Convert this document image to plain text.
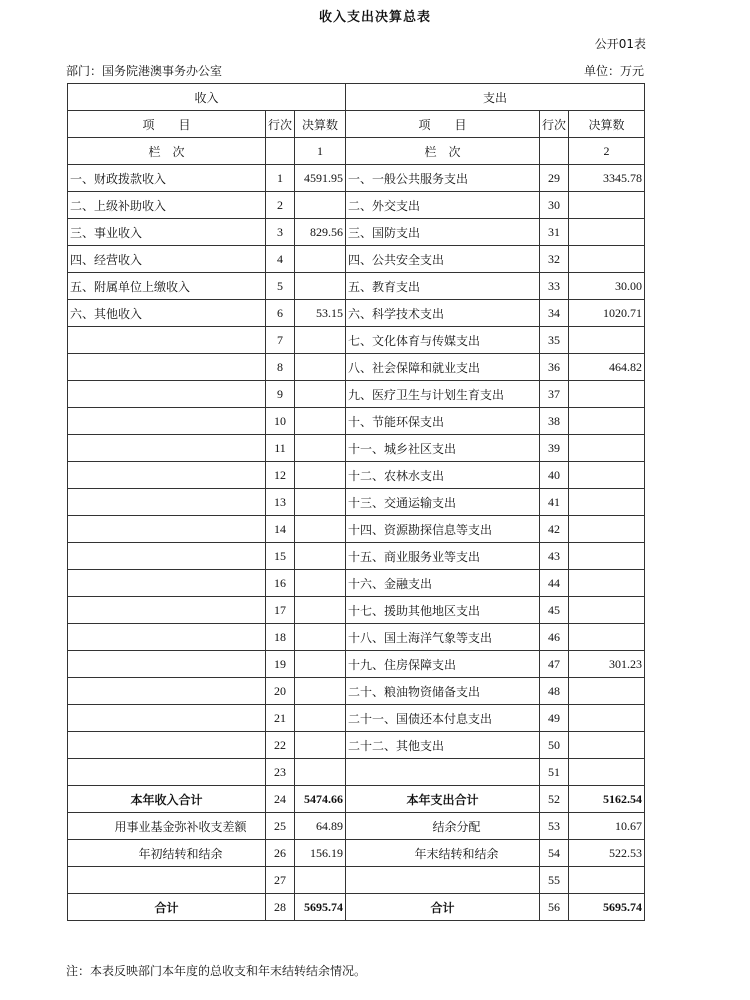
收入支出决算总表
公开01表
部门：国务院港澳事务办公室	单位：万元
收入			支出		
项　　目	行次	决算数	项　　目	行次	决算数
栏　次		1	栏　次		2
一、财政拨款收入	1	4591.95	一、一般公共服务支出	29	3345.78
二、上级补助收入	2		二、外交支出	30	
三、事业收入	3	829.56	三、国防支出	31	
四、经营收入	4		四、公共安全支出	32	
五、附属单位上缴收入	5		五、教育支出	33	30.00
六、其他收入	6	53.15	六、科学技术支出	34	1020.71
	7		七、文化体育与传媒支出	35	
	8		八、社会保障和就业支出	36	464.82
	9		九、医疗卫生与计划生育支出	37	
	10		十、节能环保支出	38	
	11		十一、城乡社区支出	39	
	12		十二、农林水支出	40	
	13		十三、交通运输支出	41	
	14		十四、资源勘探信息等支出	42	
	15		十五、商业服务业等支出	43	
	16		十六、金融支出	44	
	17		十七、援助其他地区支出	45	
	18		十八、国土海洋气象等支出	46	
	19		十九、住房保障支出	47	301.23
	20		二十、粮油物资储备支出	48	
	21		二十一、国债还本付息支出	49	
	22		二十二、其他支出	50	
	23			51	
本年收入合计	24	5474.66	本年支出合计	52	5162.54
用事业基金弥补收支差额	25	64.89	结余分配	53	10.67
年初结转和结余	26	156.19	年末结转和结余	54	522.53
	27			55	
合计	28	5695.74	合计	56	5695.74
注：本表反映部门本年度的总收支和年末结转结余情况。
